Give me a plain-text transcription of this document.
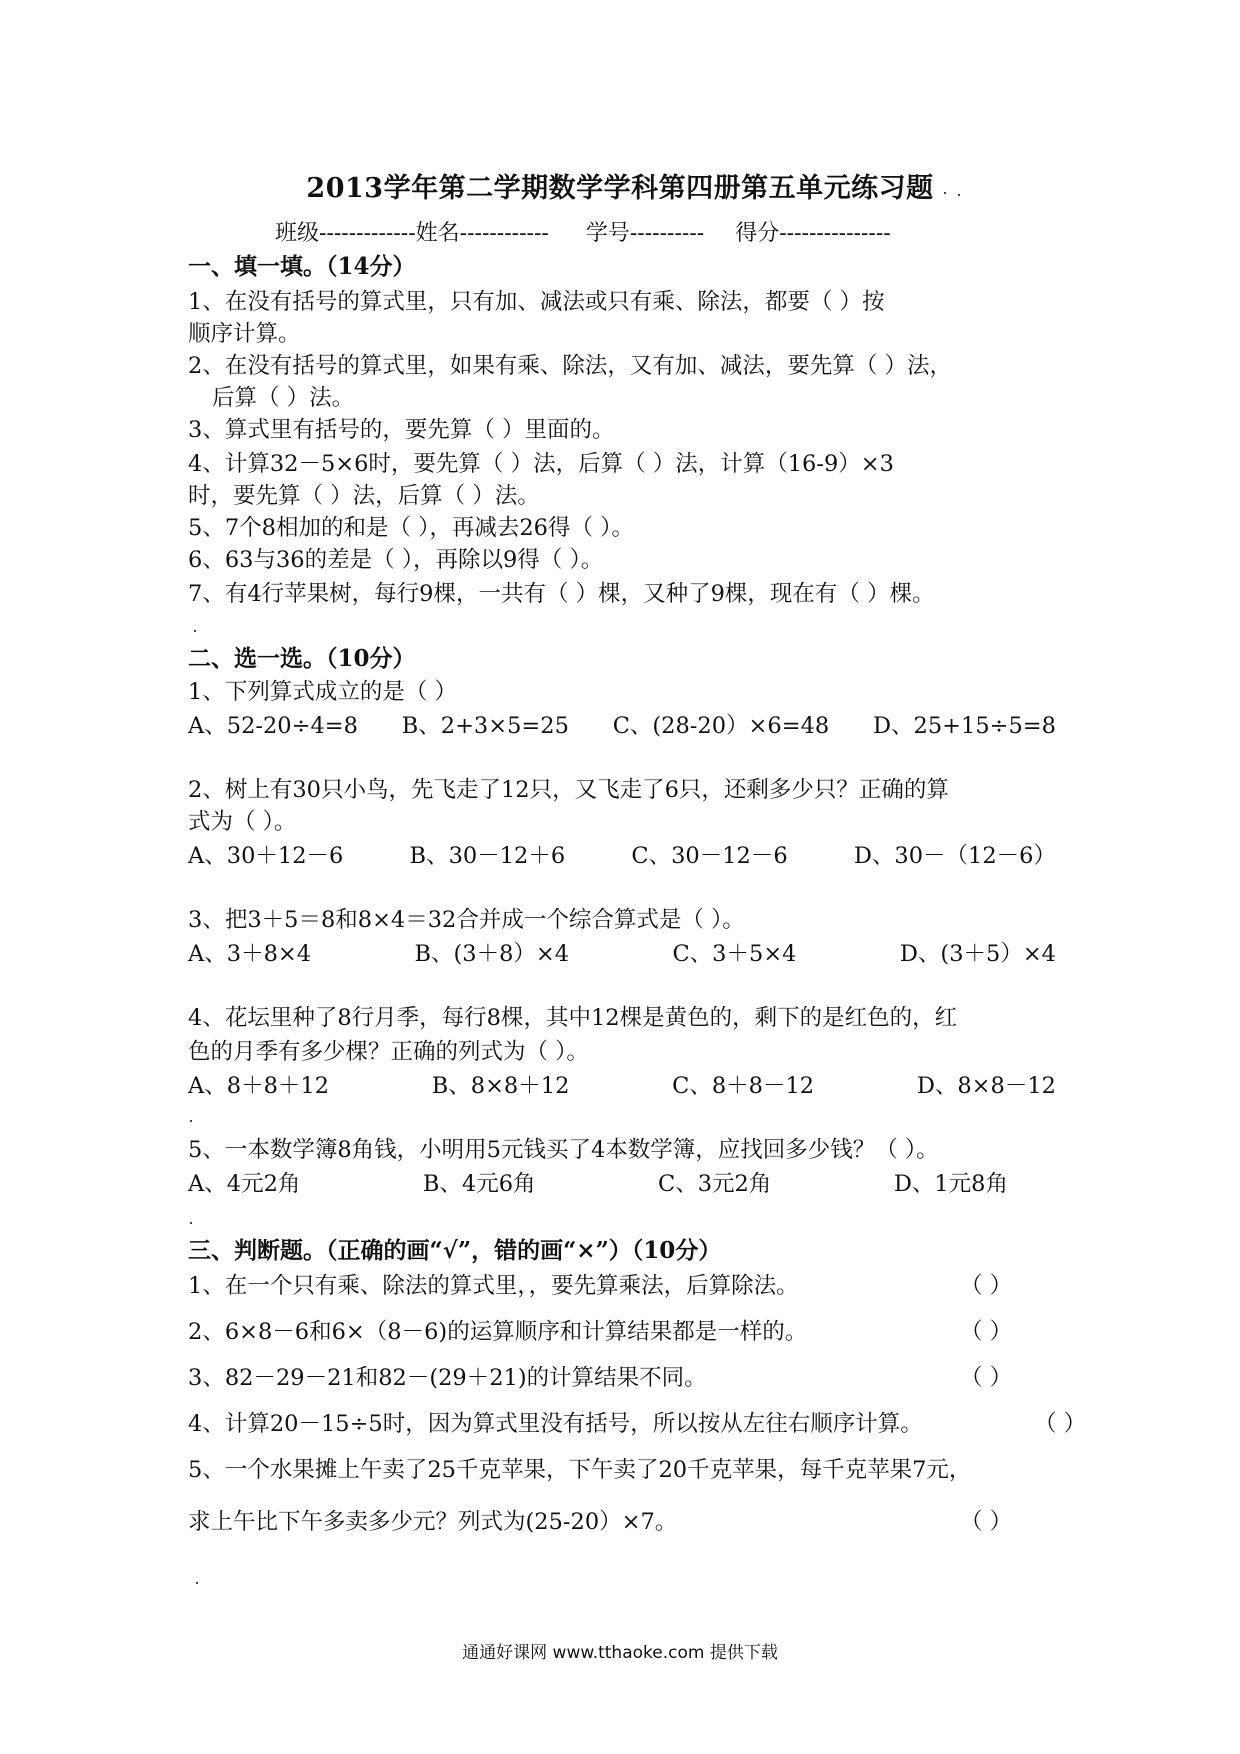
2013学年第二学期数学学科第四册第五单元练习题
班级-------------姓名------------ 学号---------- 得分---------------
一、填一填。（14分）
1、在没有括号的算式里，只有加、减法或只有乘、除法，都要（ ）按
顺序计算。
2、在没有括号的算式里，如果有乘、除法，又有加、减法，要先算（ ）法，
后算（ ）法。
3、算式里有括号的，要先算（ ）里面的。
4、计算32－5×6时，要先算（ ）法，后算（ ）法，计算（16-9）×3
时，要先算（ ）法，后算（ ）法。
5、7个8相加的和是（ ），再减去26得（ ）。
6、63与36的差是（ ），再除以9得（ ）。
7、有4行苹果树，每行9棵，一共有（ ）棵，又种了9棵，现在有（ ）棵。
二、选一选。（10分）
1、下列算式成立的是（ ）
A、52-20÷4=8 B、2+3×5=25 C、(28-20）×6=48 D、25+15÷5=8
2、树上有30只小鸟，先飞走了12只，又飞走了6只，还剩多少只？正确的算
式为（ ）。
A、30＋12－6	B、30－12＋6	C、30－12－6	D、30－（12－6）
3、把3＋5＝8和8×4＝32合并成一个综合算式是（ ）。
A、3＋8×4	B、(3＋8）×4	C、3＋5×4	D、(3＋5）×4
4、花坛里种了8行月季，每行8棵，其中12棵是黄色的，剩下的是红色的，红
色的月季有多少棵？正确的列式为（ ）。
A、8＋8＋12	B、8×8＋12	C、8＋8－12	D、8×8－12
5、一本数学簿8角钱，小明用5元钱买了4本数学簿，应找回多少钱？（ ）。
A、4元2角	B、4元6角	C、3元2角	D、1元8角
三、判断题。（正确的画“√”，错的画“×”）（10分）
1、在一个只有乘、除法的算式里，，要先算乘法，后算除法。	（ ）
2、6×8－6和6×（8－6)的运算顺序和计算结果都是一样的。	（ ）
3、82－29－21和82－(29＋21)的计算结果不同。	（ ）
4、计算20－15÷5时，因为算式里没有括号，所以按从左往右顺序计算。	（ ）
5、一个水果摊上午卖了25千克苹果，下午卖了20千克苹果，每千克苹果7元，
求上午比下午多卖多少元？列式为(25-20）×7。	（ ）
通通好课网 www.tthaoke.com 提供下载
